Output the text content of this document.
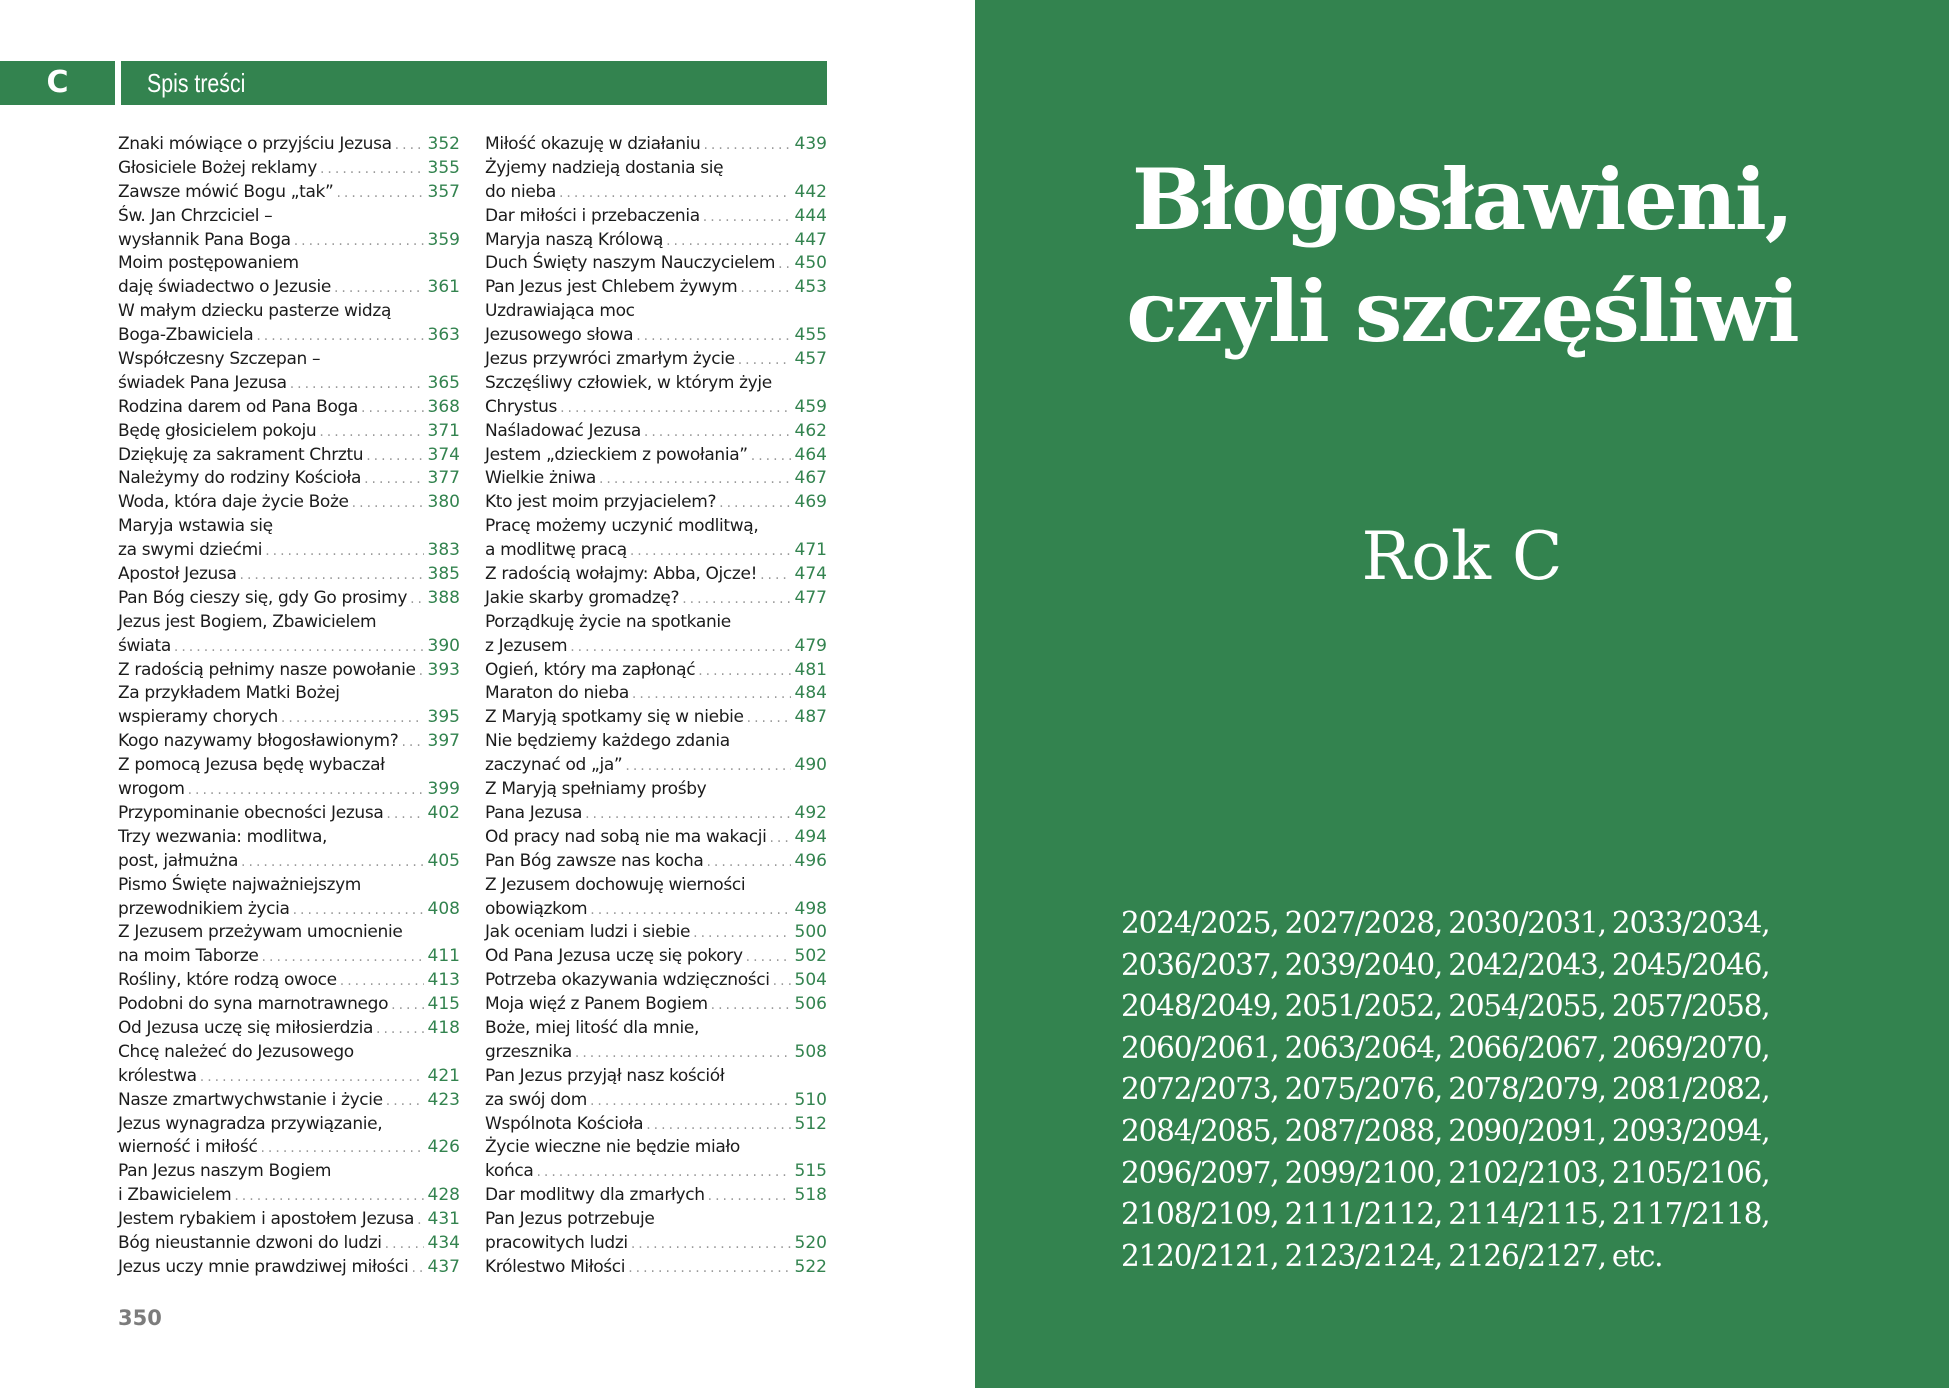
C	Spis treści
Znaki mówiące o przyjściu Jezusa ..... 352
Głosiciele Bożej reklamy .....	355
Zawsze mówić Bogu „tak” .....	357
Św. Jan Chrzciciel –
wysłannik Pana Boga .....	359
Moim postępowaniem
daję świadectwo o Jezusie .....	361
W małym dziecku pasterze widzą
Boga-Zbawiciela .....	363
Współczesny Szczepan –
świadek Pana Jezusa .....	365
Rodzina darem od Pana Boga .....	368
Będę głosicielem pokoju .....	371
Dziękuję za sakrament Chrztu .....	374
Należymy do rodziny Kościoła .....	377
Woda, która daje życie Boże .....	380
Maryja wstawia się
za swymi dziećmi .....	383
Apostoł Jezusa .....	385
Pan Bóg cieszy się, gdy Go prosimy ..... 388
Jezus jest Bogiem, Zbawicielem
świata .....	390
Z radością pełnimy nasze powołanie ..... 393
Za przykładem Matki Bożej
wspieramy chorych .....	395
Kogo nazywamy błogosławionym? ..... 397
Z pomocą Jezusa będę wybaczał
wrogom .....	399
Przypominanie obecności Jezusa .....	402
Trzy wezwania: modlitwa,
post, jałmużna .....	405
Pismo Święte najważniejszym
przewodnikiem życia .....	408
Z Jezusem przeżywam umocnienie
na moim Taborze .....	411
Rośliny, które rodzą owoce .....	413
Podobni do syna marnotrawnego ..... 415
Od Jezusa uczę się miłosierdzia .....	418
Chcę należeć do Jezusowego
królestwa .....	421
Nasze zmartwychwstanie i życie .....	423
Jezus wynagradza przywiązanie,
wierność i miłość .....	426
Pan Jezus naszym Bogiem
i Zbawicielem .....	428
Jestem rybakiem i apostołem Jezusa ..... 431
Bóg nieustannie dzwoni do ludzi .....	434
Jezus uczy mnie prawdziwej miłości ..... 437
Miłość okazuję w działaniu .....	439
Żyjemy nadzieją dostania się
do nieba .....	442
Dar miłości i przebaczenia .....	444
Maryja naszą Królową .....	447
Duch Święty naszym Nauczycielem ..... 450
Pan Jezus jest Chlebem żywym .....	453
Uzdrawiająca moc
Jezusowego słowa .....	455
Jezus przywróci zmarłym życie .....	457
Szczęśliwy człowiek, w którym żyje
Chrystus .....	459
Naśladować Jezusa .....	462
Jestem „dzieckiem z powołania” .....	464
Wielkie żniwa .....	467
Kto jest moim przyjacielem? .....	469
Pracę możemy uczynić modlitwą,
a modlitwę pracą .....	471
Z radością wołajmy: Abba, Ojcze! ..... 474
Jakie skarby gromadzę? .....	477
Porządkuję życie na spotkanie
z Jezusem .....	479
Ogień, który ma zapłonąć .....	481
Maraton do nieba .....	484
Z Maryją spotkamy się w niebie .....	487
Nie będziemy każdego zdania
zaczynać od „ja” .....	490
Z Maryją spełniamy prośby
Pana Jezusa .....	492
Od pracy nad sobą nie ma wakacji ..... 494
Pan Bóg zawsze nas kocha .....	496
Z Jezusem dochowuję wierności
obowiązkom .....	498
Jak oceniam ludzi i siebie .....	500
Od Pana Jezusa uczę się pokory .....	502
Potrzeba okazywania wdzięczności ..... 504
Moja więź z Panem Bogiem .....	506
Boże, miej litość dla mnie,
grzesznika .....	508
Pan Jezus przyjął nasz kościół
za swój dom .....	510
Wspólnota Kościoła .....	512
Życie wieczne nie będzie miało
końca .....	515
Dar modlitwy dla zmarłych .....	518
Pan Jezus potrzebuje
pracowitych ludzi .....	520
Królestwo Miłości .....	522
350
Błogosławieni,
czyli szczęśliwi
Rok C
2024/2025, 2027/2028, 2030/2031, 2033/2034, 2036/2037, 2039/2040, 2042/2043, 2045/2046, 2048/2049, 2051/2052, 2054/2055, 2057/2058, 2060/2061, 2063/2064, 2066/2067, 2069/2070, 2072/2073, 2075/2076, 2078/2079, 2081/2082, 2084/2085, 2087/2088, 2090/2091, 2093/2094, 2096/2097, 2099/2100, 2102/2103, 2105/2106, 2108/2109, 2111/2112, 2114/2115, 2117/2118, 2120/2121, 2123/2124, 2126/2127, etc.
